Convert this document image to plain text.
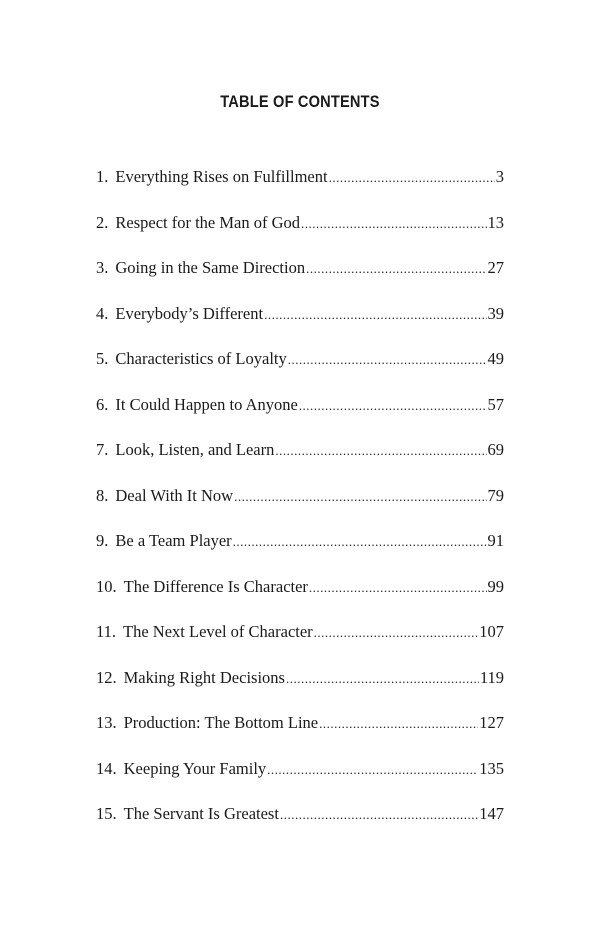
TABLE OF CONTENTS
1. Everything Rises on Fulfillment .....	3
2. Respect for the Man of God .....	13
3. Going in the Same Direction .....	27
4. Everybody’s Different .....	39
5. Characteristics of Loyalty .....	49
6. It Could Happen to Anyone .....	57
7. Look, Listen, and Learn .....	69
8. Deal With It Now .....	79
9. Be a Team Player .....	91
10. The Difference Is Character .....	99
11. The Next Level of Character .....	107
12. Making Right Decisions .....	119
13. Production: The Bottom Line .....	127
14. Keeping Your Family .....	135
15. The Servant Is Greatest .....	147
